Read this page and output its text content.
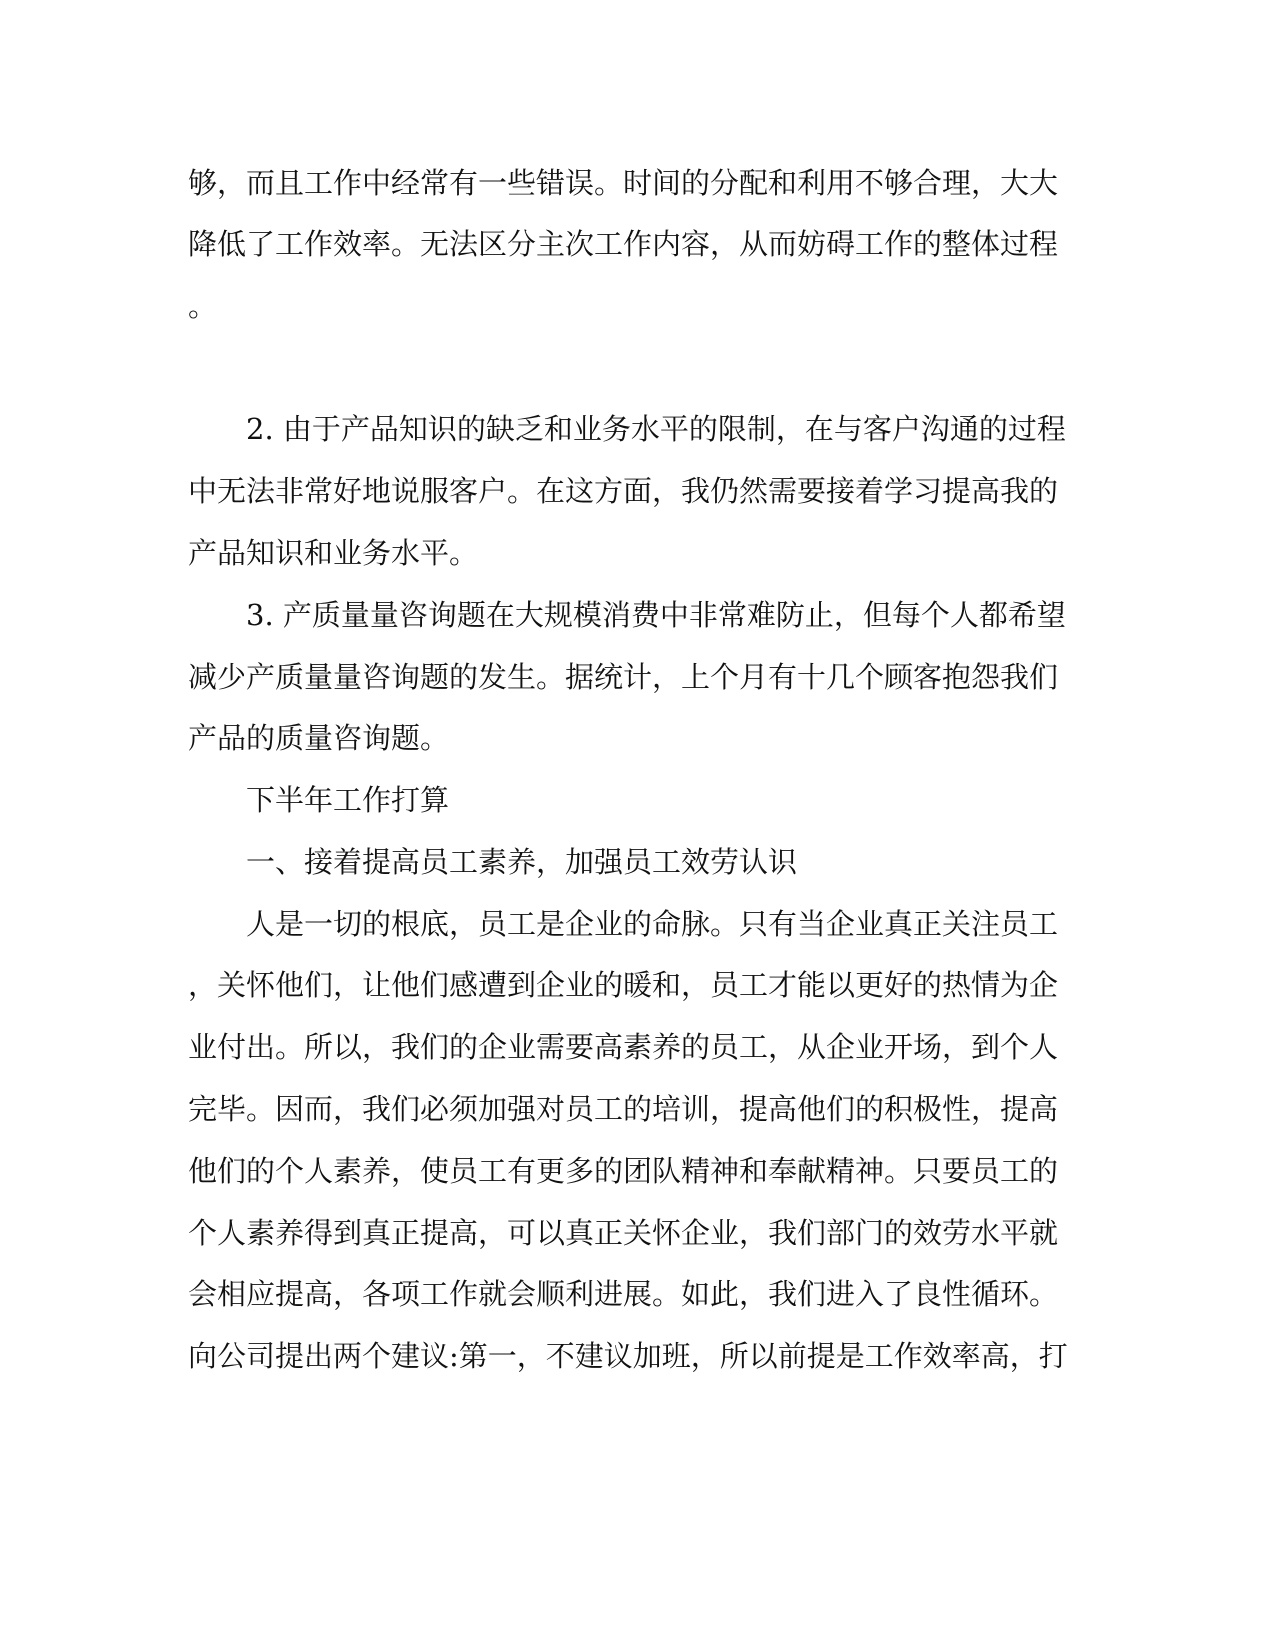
够，而且工作中经常有一些错误。时间的分配和利用不够合理，大大
降低了工作效率。无法区分主次工作内容，从而妨碍工作的整体过程
。
2. 由于产品知识的缺乏和业务水平的限制，在与客户沟通的过程
中无法非常好地说服客户。在这方面，我仍然需要接着学习提高我的
产品知识和业务水平。
3. 产质量量咨询题在大规模消费中非常难防止，但每个人都希望
减少产质量量咨询题的发生。据统计，上个月有十几个顾客抱怨我们
产品的质量咨询题。
下半年工作打算
一、接着提高员工素养，加强员工效劳认识
人是一切的根底，员工是企业的命脉。只有当企业真正关注员工
，关怀他们，让他们感遭到企业的暖和，员工才能以更好的热情为企
业付出。所以，我们的企业需要高素养的员工，从企业开场，到个人
完毕。因而，我们必须加强对员工的培训，提高他们的积极性，提高
他们的个人素养，使员工有更多的团队精神和奉献精神。只要员工的
个人素养得到真正提高，可以真正关怀企业，我们部门的效劳水平就
会相应提高，各项工作就会顺利进展。如此，我们进入了良性循环。
向公司提出两个建议:第一，不建议加班，所以前提是工作效率高，打
